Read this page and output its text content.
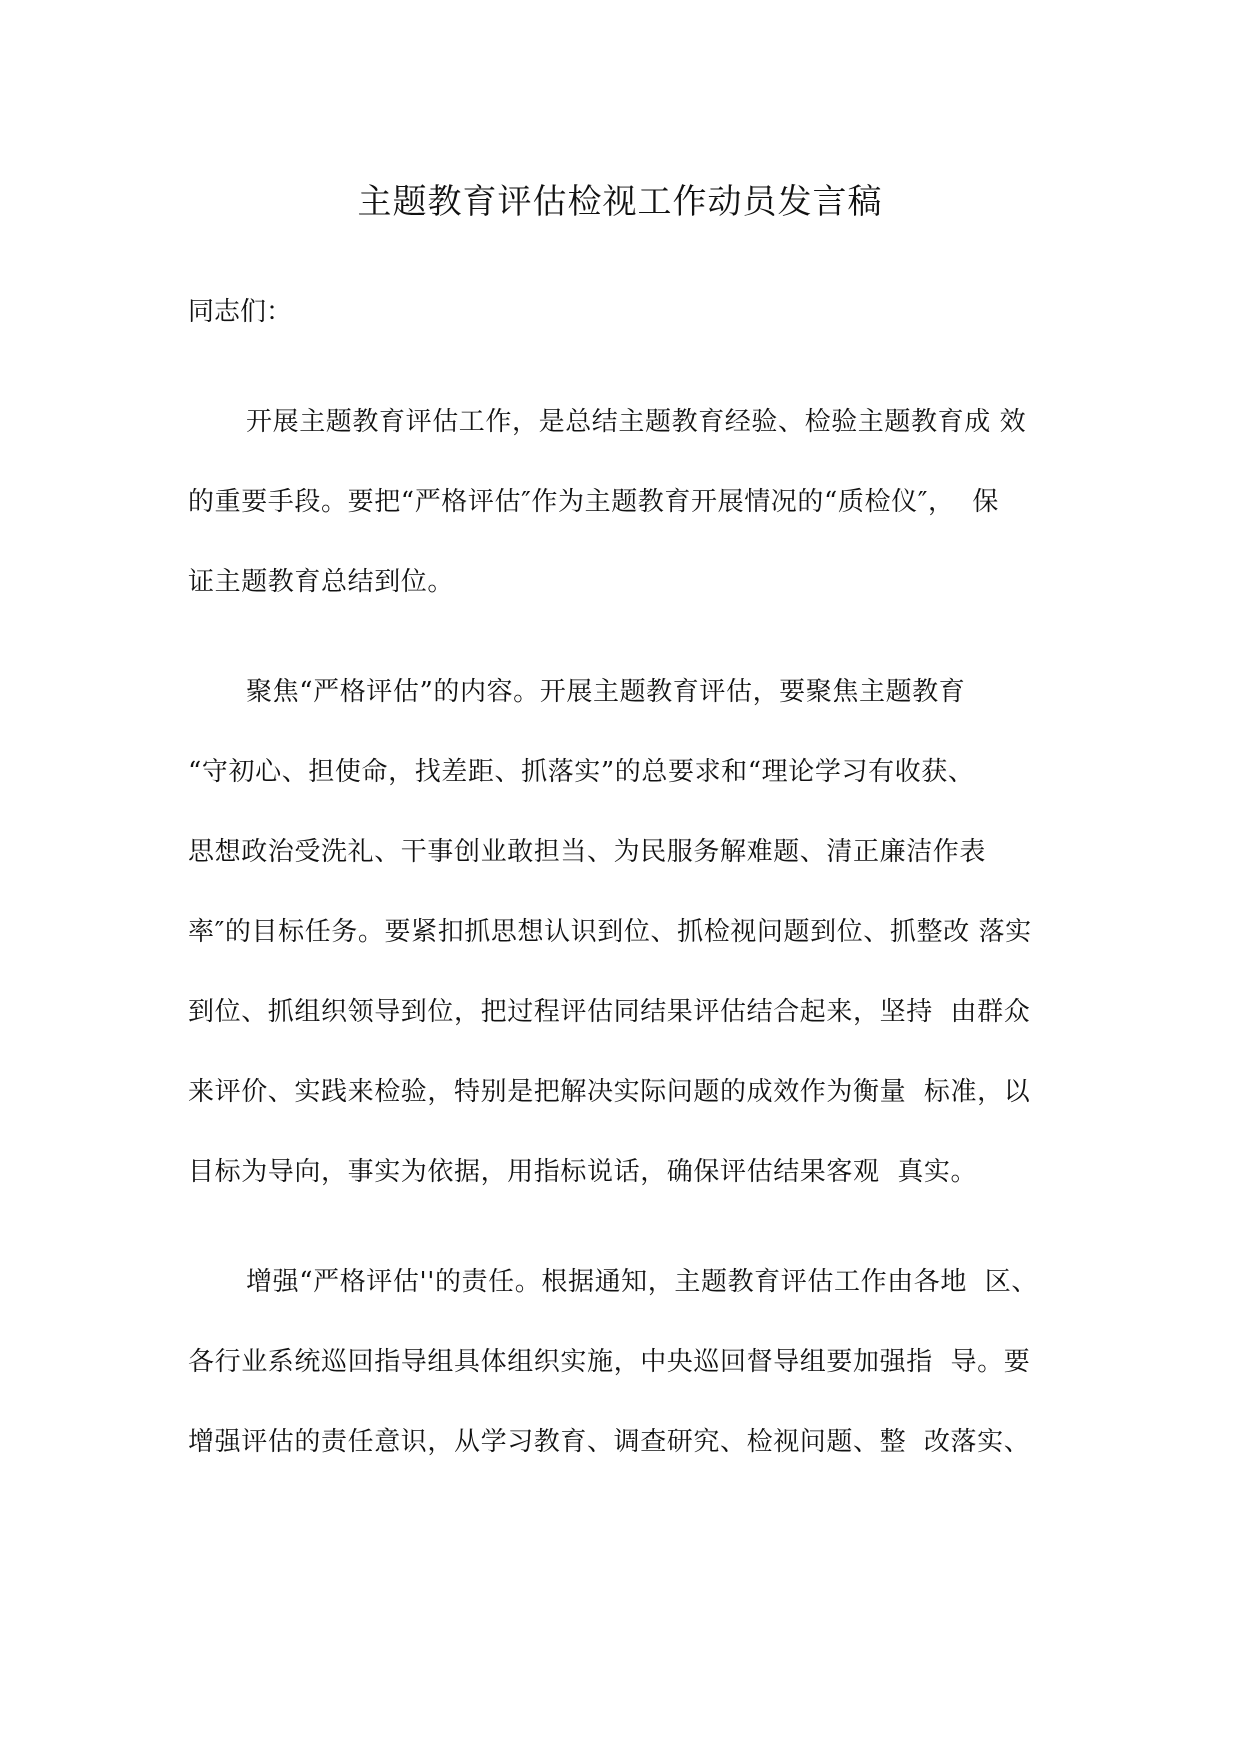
主题教育评估检视工作动员发言稿
同志们：
开展主题教育评估工作，是总结主题教育经验、检验主题教育成 效
的重要手段。要把“严格评估″作为主题教育开展情况的“质检仪″，  保
证主题教育总结到位。
聚焦“严格评估”的内容。开展主题教育评估，要聚焦主题教育
“守初心、担使命，找差距、抓落实”的总要求和“理论学习有收获、
思想政治受洗礼、干事创业敢担当、为民服务解难题、清正廉洁作表
率″的目标任务。要紧扣抓思想认识到位、抓检视问题到位、抓整改 落实
到位、抓组织领导到位，把过程评估同结果评估结合起来，坚持  由群众
来评价、实践来检验，特别是把解决实际问题的成效作为衡量  标准，以
目标为导向，事实为依据，用指标说话，确保评估结果客观  真实。
增强“严格评估''的责任。根据通知，主题教育评估工作由各地  区、
各行业系统巡回指导组具体组织实施，中央巡回督导组要加强指  导。要
增强评估的责任意识，从学习教育、调查研究、检视问题、整  改落实、
